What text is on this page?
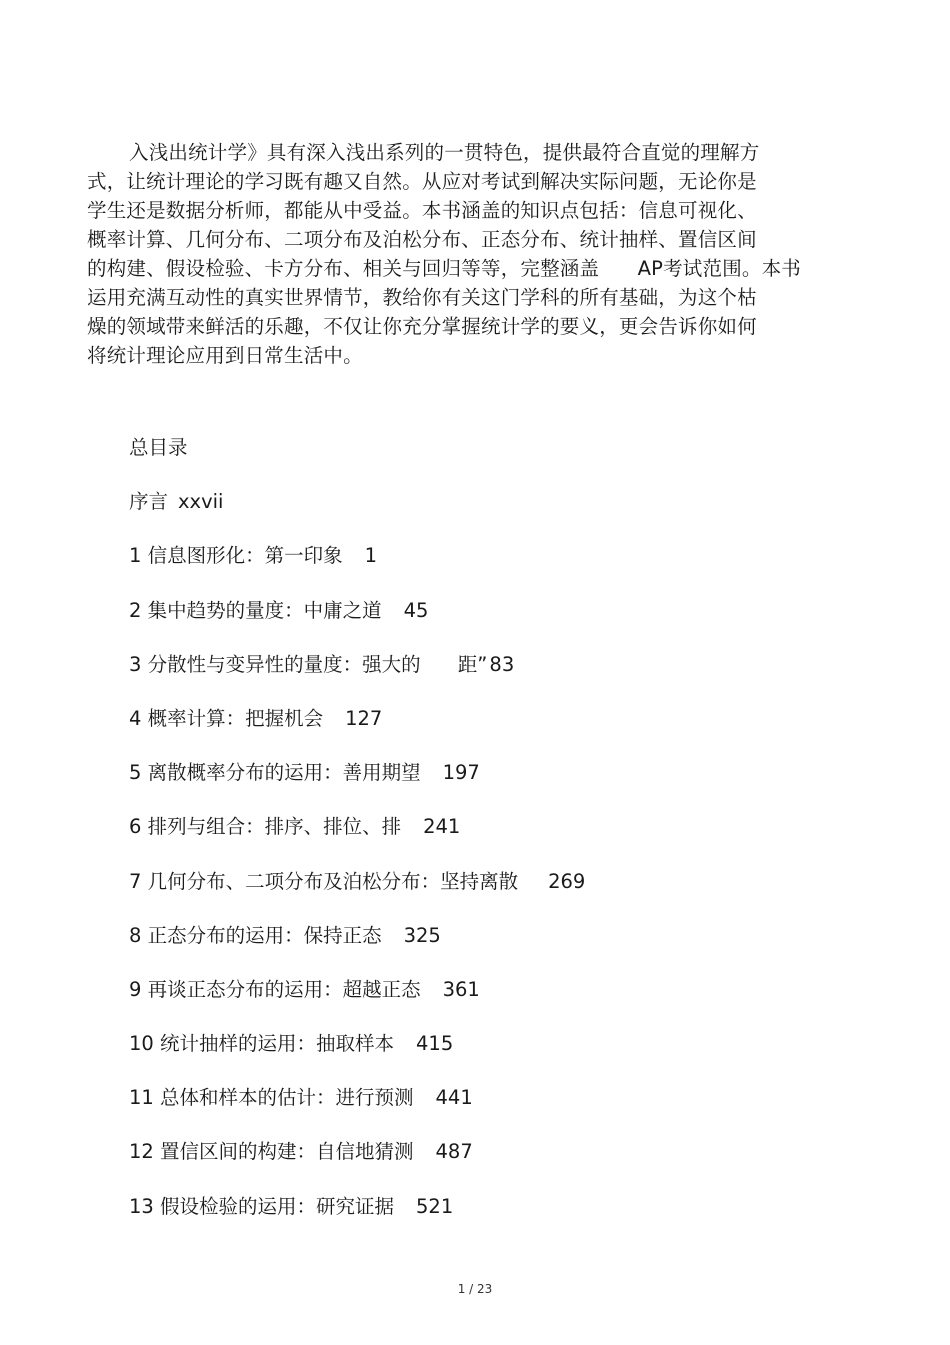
入浅出统计学》具有深入浅出系列的一贯特色，提供最符合直觉的理解方
式，让统计理论的学习既有趣又自然。从应对考试到解决实际问题，无论你是
学生还是数据分析师，都能从中受益。本书涵盖的知识点包括：信息可视化、
概率计算、几何分布、二项分布及泊松分布、正态分布、统计抽样、置信区间
的构建、假设检验、卡方分布、相关与回归等等，完整涵盖      AP考试范围。本书
运用充满互动性的真实世界情节，教给你有关这门学科的所有基础，为这个枯
燥的领域带来鲜活的乐趣，不仅让你充分掌握统计学的要义，更会告诉你如何
将统计理论应用到日常生活中。
总目录
序言 xxvii
1 信息图形化：第一印象 1
2 集中趋势的量度：中庸之道 45
3 分散性与变异性的量度：强大的      距” 83
4 概率计算：把握机会 127
5 离散概率分布的运用：善用期望 197
6 排列与组合：排序、排位、排 241
7 几何分布、二项分布及泊松分布：坚持离散 269
8 正态分布的运用：保持正态 325
9 再谈正态分布的运用：超越正态 361
10 统计抽样的运用：抽取样本 415
11 总体和样本的估计：进行预测 441
12 置信区间的构建：自信地猜测 487
13 假设检验的运用：研究证据 521
1 / 23
